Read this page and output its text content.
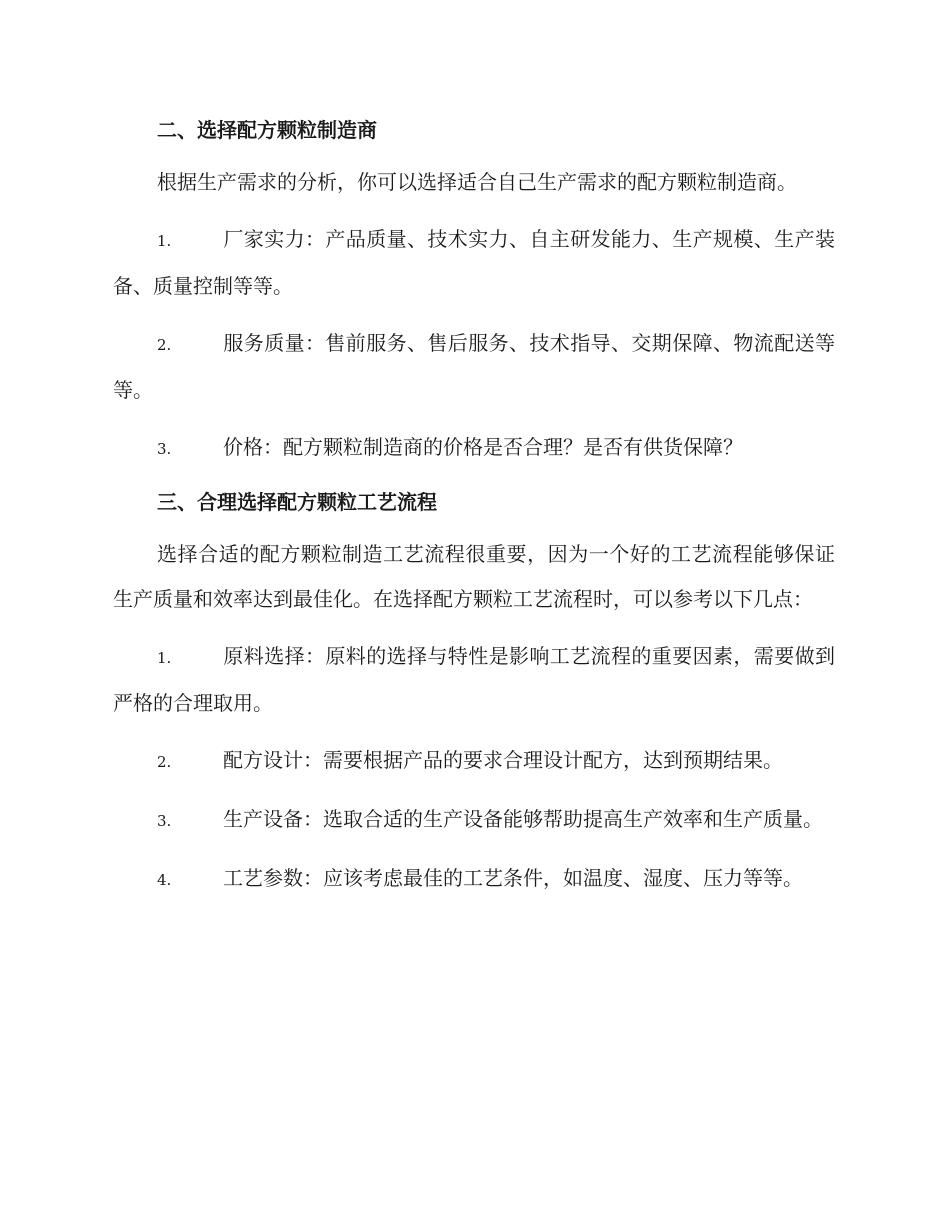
二、选择配方颗粒制造商

根据生产需求的分析，你可以选择适合自己生产需求的配方颗粒制造商。

1.	厂家实力：产品质量、技术实力、自主研发能力、生产规模、生产装备、质量控制等等。
2.	服务质量：售前服务、售后服务、技术指导、交期保障、物流配送等等。
3.	价格：配方颗粒制造商的价格是否合理？是否有供货保障？
三、合理选择配方颗粒工艺流程

选择合适的配方颗粒制造工艺流程很重要，因为一个好的工艺流程能够保证生产质量和效率达到最佳化。在选择配方颗粒工艺流程时，可以参考以下几点：

1.	原料选择：原料的选择与特性是影响工艺流程的重要因素，需要做到严格的合理取用。
2.	配方设计：需要根据产品的要求合理设计配方，达到预期结果。
3.	生产设备：选取合适的生产设备能够帮助提高生产效率和生产质量。
4.	工艺参数：应该考虑最佳的工艺条件，如温度、湿度、压力等等。
